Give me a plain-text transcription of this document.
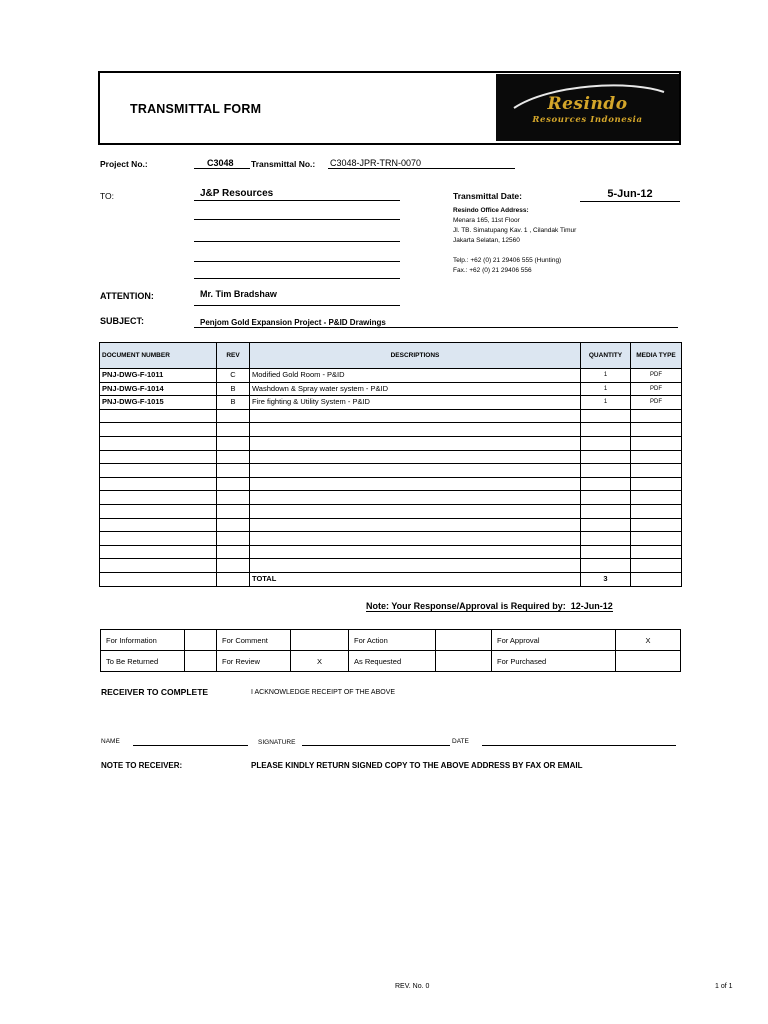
TRANSMITTAL FORM	Resindo
Resources Indonesia
Project No.:	C3048	Transmittal No.: C3048-JPR-TRN-0070
TO:	J&P Resources	Transmittal Date:	5-Jun-12
Resindo Office Address:
Menara 165, 11st Floor
Jl. TB. Simatupang Kav. 1 , Cilandak Timur
Jakarta Selatan, 12560
Telp.: +62 (0) 21 29406 555 (Hunting)
Fax.: +62 (0) 21 29406 556
ATTENTION:	Mr. Tim Bradshaw
SUBJECT:	Penjom Gold Expansion Project - P&ID Drawings
DOCUMENT NUMBER	REV	DESCRIPTIONS	QUANTITY	MEDIA TYPE
PNJ-DWG-F-1011	C	Modified Gold Room - P&ID	1	PDF
PNJ-DWG-F-1014	B	Washdown & Spray water system - P&ID	1	PDF
PNJ-DWG-F-1015	B	Fire fighting & Utility System - P&ID	1	PDF

		TOTAL	3	
Note: Your Response/Approval is Required by: 12-Jun-12
For Information		For Comment		For Action		For Approval	X
To Be Returned		For Review	X	As Requested		For Purchased	
RECEIVER TO COMPLETE	I ACKNOWLEDGE RECEIPT OF THE ABOVE
NAME	SIGNATURE	DATE
NOTE TO RECEIVER:	PLEASE KINDLY RETURN SIGNED COPY TO THE ABOVE ADDRESS BY FAX OR EMAIL
REV. No. 0	1 of 1
